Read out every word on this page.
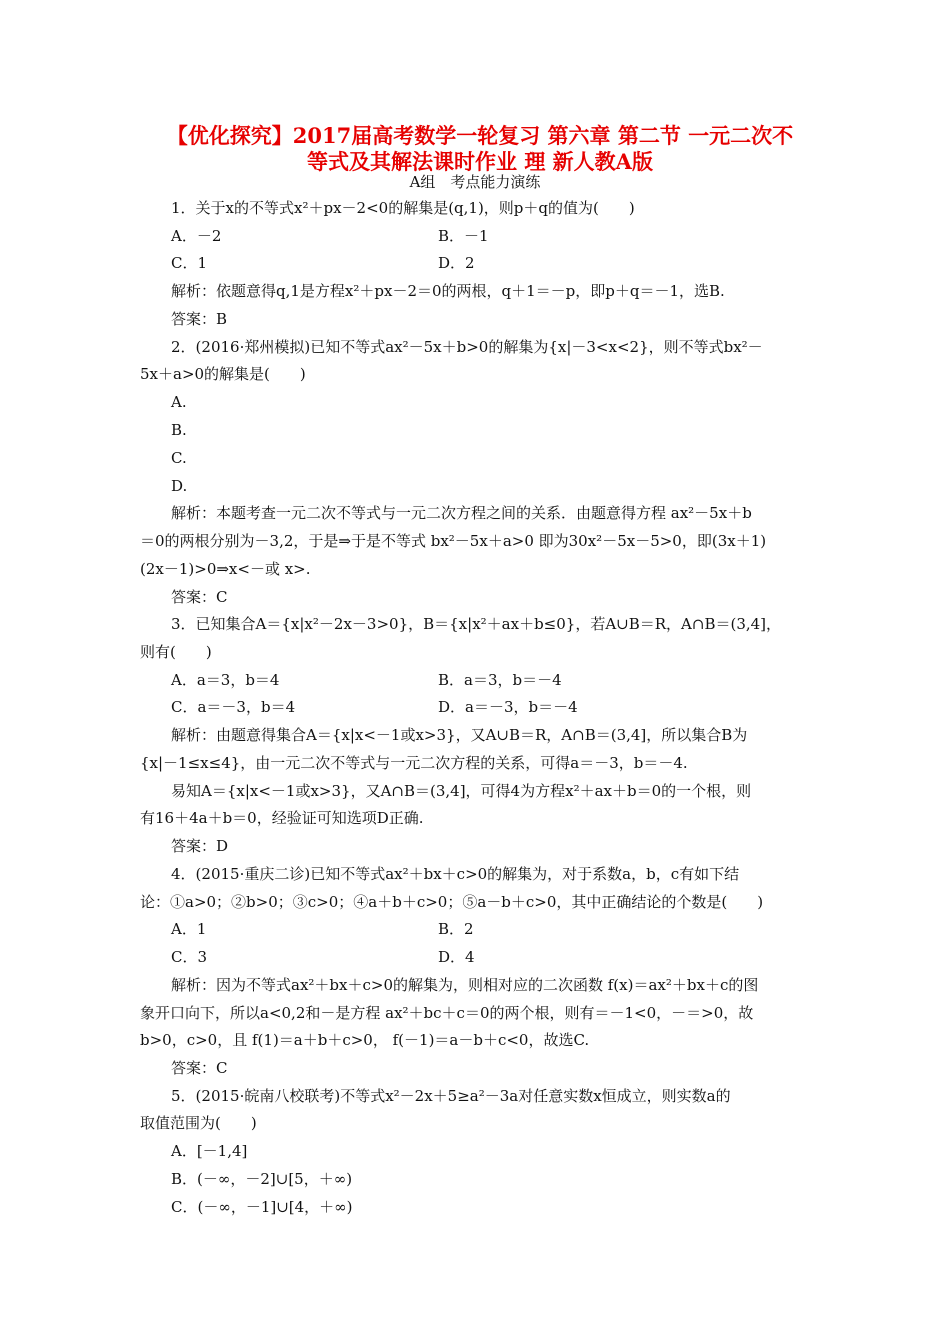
【优化探究】2017届高考数学一轮复习 第六章 第二节 一元二次不
等式及其解法课时作业 理 新人教A版
A组　考点能力演练
1．关于x的不等式x²＋px－2<0的解集是(q,1)，则p＋q的值为(　　)
A．－2	B．－1
C．1	D．2
解析：依题意得q,1是方程x²＋px－2＝0的两根，q＋1＝－p，即p＋q＝－1，选B.
答案：B
2．(2016·郑州模拟)已知不等式ax²－5x＋b>0的解集为{x|－3<x<2}，则不等式bx²－
5x＋a>0的解集是(　　)
A.
B.
C.
D.
解析：本题考查一元二次不等式与一元二次方程之间的关系．由题意得方程 ax²－5x＋b
＝0的两根分别为－3,2，于是⇒于是不等式 bx²－5x＋a>0 即为30x²－5x－5>0，即(3x＋1)
(2x－1)>0⇒x<－或 x>.
答案：C
3．已知集合A＝{x|x²－2x－3>0}，B＝{x|x²＋ax＋b≤0}，若A∪B＝R，A∩B＝(3,4]，
则有(　　)
A．a＝3，b＝4	B．a＝3，b＝－4
C．a＝－3，b＝4	D．a＝－3，b＝－4
解析：由题意得集合A＝{x|x<－1或x>3}，又A∪B＝R，A∩B＝(3,4]，所以集合B为
{x|－1≤x≤4}，由一元二次不等式与一元二次方程的关系，可得a＝－3，b＝－4.
易知A＝{x|x<－1或x>3}，又A∩B＝(3,4]，可得4为方程x²＋ax＋b＝0的一个根，则
有16＋4a＋b＝0，经验证可知选项D正确.
答案：D
4．(2015·重庆二诊)已知不等式ax²＋bx＋c>0的解集为，对于系数a，b，c有如下结
论：①a>0；②b>0；③c>0；④a＋b＋c>0；⑤a－b＋c>0，其中正确结论的个数是(　　)
A．1	B．2
C．3	D．4
解析：因为不等式ax²＋bx＋c>0的解集为，则相对应的二次函数 f(x)＝ax²＋bx＋c的图
象开口向下，所以a<0,2和－是方程 ax²＋bc＋c＝0的两个根，则有＝－1<0，－＝>0，故
b>0，c>0，且 f(1)＝a＋b＋c>0， f(－1)＝a－b＋c<0，故选C.
答案：C
5．(2015·皖南八校联考)不等式x²－2x＋5≥a²－3a对任意实数x恒成立，则实数a的
取值范围为(　　)
A．[－1,4]
B．(－∞，－2]∪[5，＋∞)
C．(－∞，－1]∪[4，＋∞)
